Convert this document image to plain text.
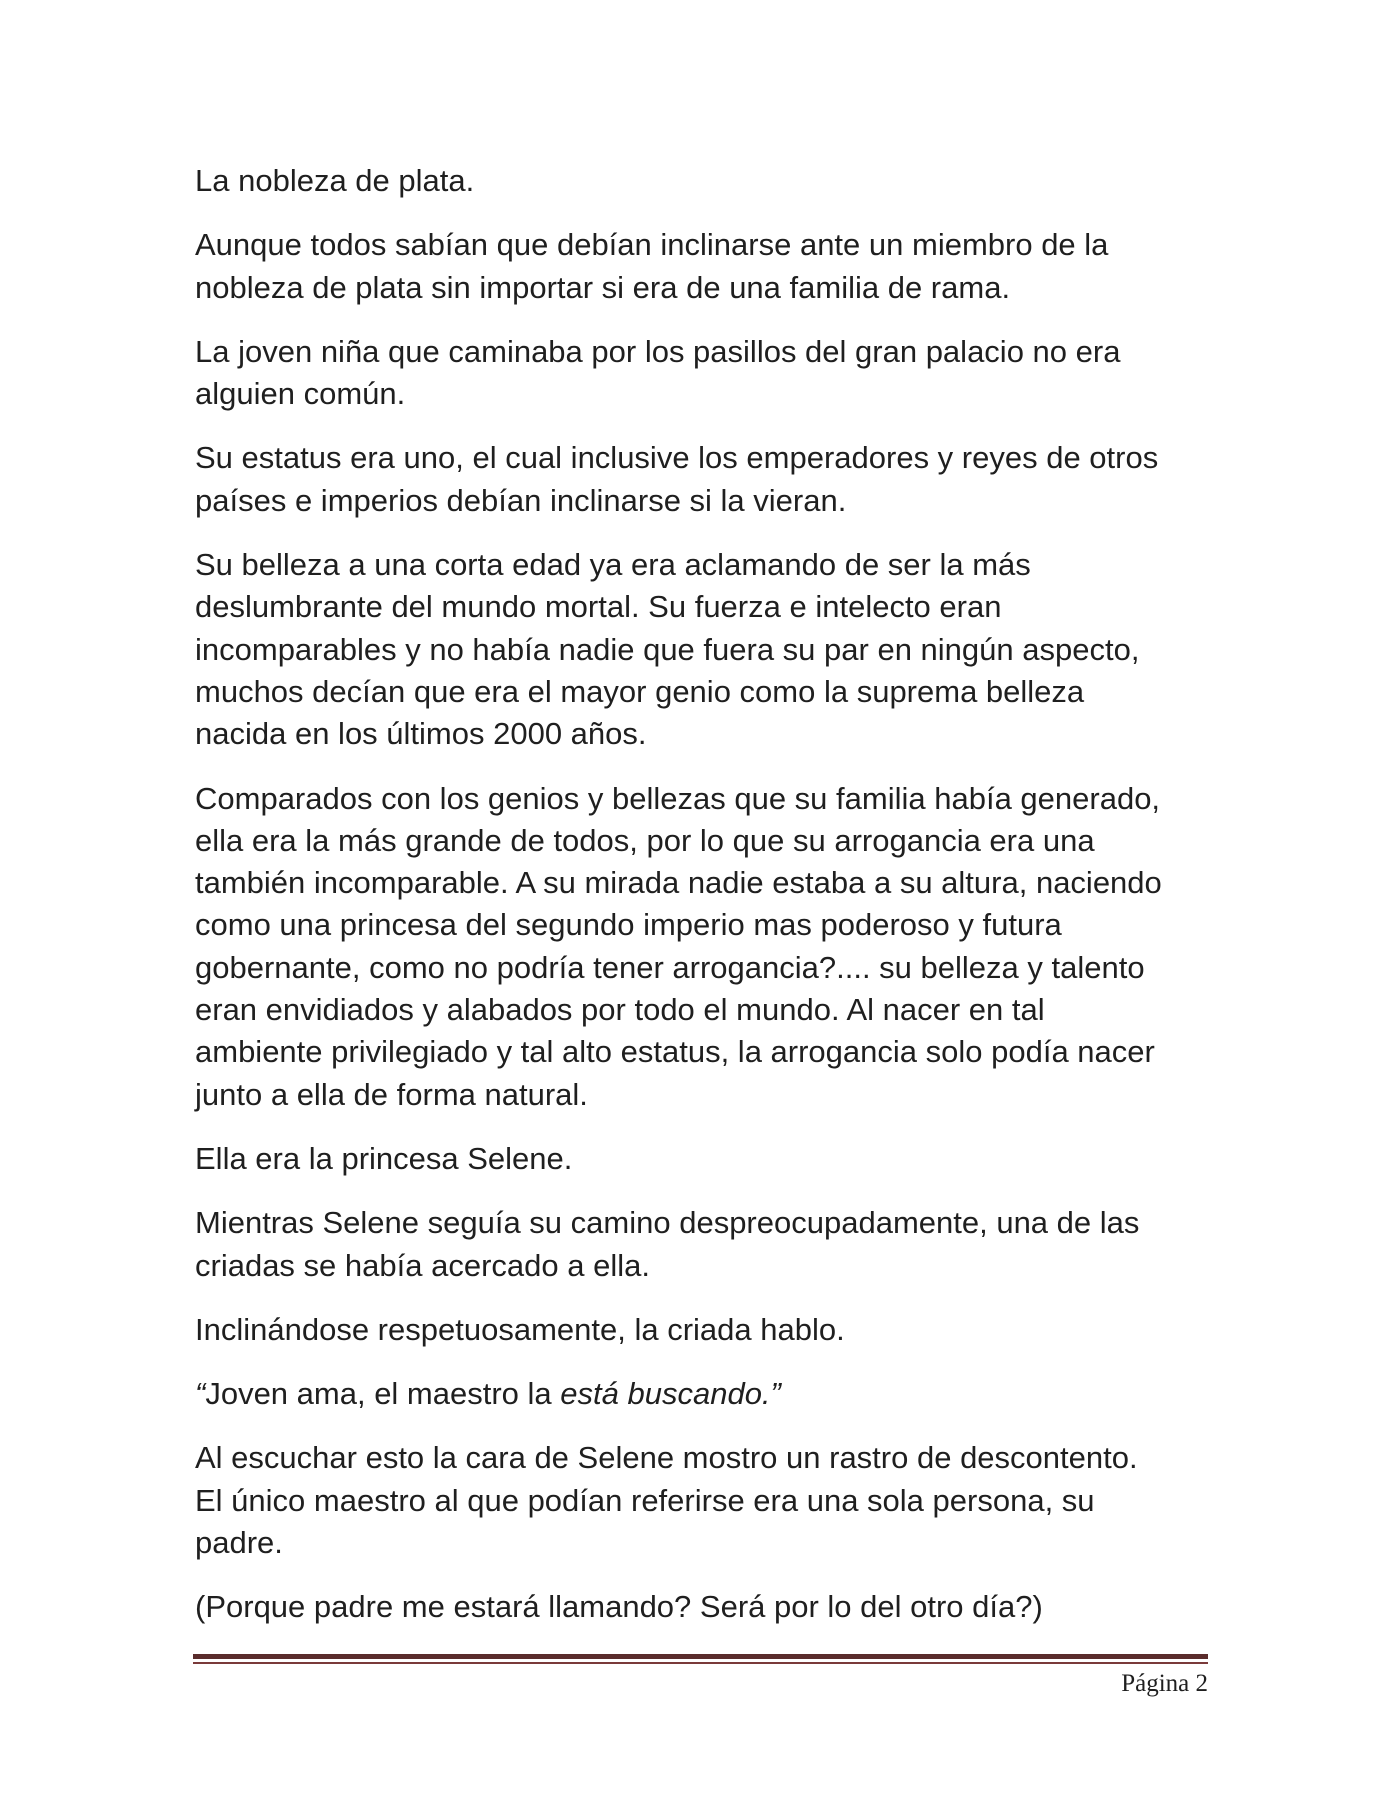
La nobleza de plata.

Aunque todos sabían que debían inclinarse ante un miembro de la
nobleza de plata sin importar si era de una familia de rama.

La joven niña que caminaba por los pasillos del gran palacio no era
alguien común.

Su estatus era uno, el cual inclusive los emperadores y reyes de otros
países e imperios debían inclinarse si la vieran.

Su belleza a una corta edad ya era aclamando de ser la más
deslumbrante del mundo mortal. Su fuerza e intelecto eran
incomparables y no había nadie que fuera su par en ningún aspecto,
muchos decían que era el mayor genio como la suprema belleza
nacida en los últimos 2000 años.

Comparados con los genios y bellezas que su familia había generado,
ella era la más grande de todos, por lo que su arrogancia era una
también incomparable. A su mirada nadie estaba a su altura, naciendo
como una princesa del segundo imperio mas poderoso y futura
gobernante, como no podría tener arrogancia?.... su belleza y talento
eran envidiados y alabados por todo el mundo. Al nacer en tal
ambiente privilegiado y tal alto estatus, la arrogancia solo podía nacer
junto a ella de forma natural.

Ella era la princesa Selene.

Mientras Selene seguía su camino despreocupadamente, una de las
criadas se había acercado a ella.

Inclinándose respetuosamente, la criada hablo.

“Joven ama, el maestro la está buscando.”

Al escuchar esto la cara de Selene mostro un rastro de descontento.
El único maestro al que podían referirse era una sola persona, su
padre.

(Porque padre me estará llamando? Será por lo del otro día?)

Página 2
